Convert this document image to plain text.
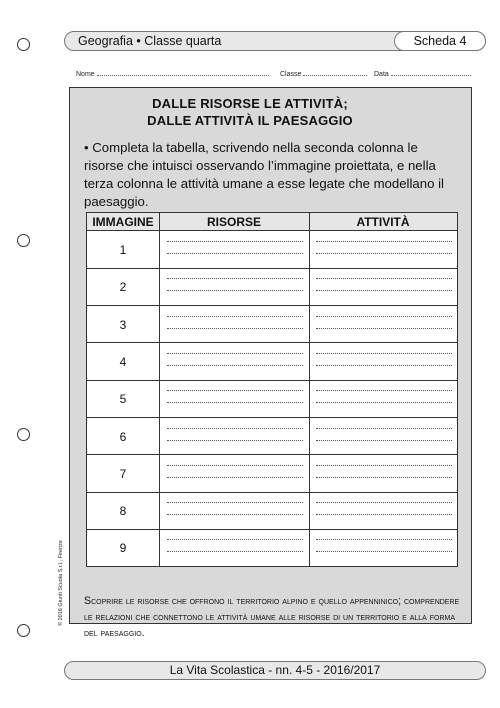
Geografia • Classe quarta	Scheda 4
Nome	Classe	Data
DALLE RISORSE LE ATTIVITÀ;
DALLE ATTIVITÀ IL PAESAGGIO
• Completa la tabella, scrivendo nella seconda colonna le risorse che intuisci osservando l’immagine proiettata, e nella terza colonna le attività umane a esse legate che modellano il paesaggio.
IMMAGINE	RISORSE	ATTIVITÀ
1
2
3
4
5
6
7
8
9
Scoprire le risorse che offrono il territorio alpino e quello appenninico; comprendere le relazioni che connettono le attività umane alle risorse di un territorio e alla forma del paesaggio.
© 2016 Giunti Scuola S.r.l., Firenze
La Vita Scolastica - nn. 4-5 - 2016/2017
